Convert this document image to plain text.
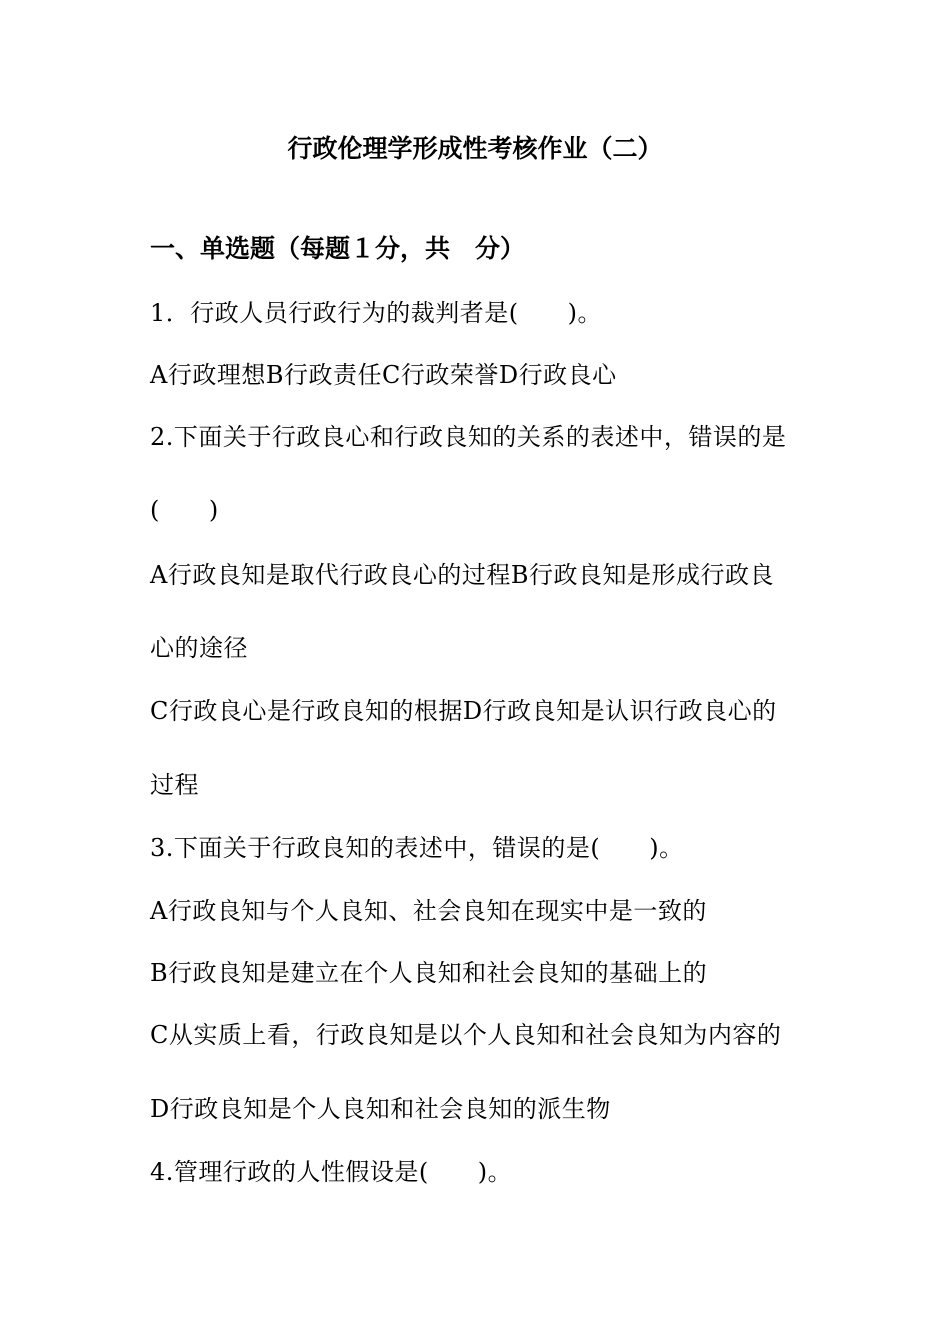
行政伦理学形成性考核作业（二）
一、单选题（每题１分，共　分）
1．行政人员行政行为的裁判者是(　　)。
A行政理想B行政责任C行政荣誉D行政良心
2.下面关于行政良心和行政良知的关系的表述中，错误的是
(　　)
A行政良知是取代行政良心的过程B行政良知是形成行政良
心的途径
C行政良心是行政良知的根据D行政良知是认识行政良心的
过程
3.下面关于行政良知的表述中，错误的是(　　)。
A行政良知与个人良知、社会良知在现实中是一致的
B行政良知是建立在个人良知和社会良知的基础上的
C从实质上看，行政良知是以个人良知和社会良知为内容的
D行政良知是个人良知和社会良知的派生物
4.管理行政的人性假设是(　　)。
